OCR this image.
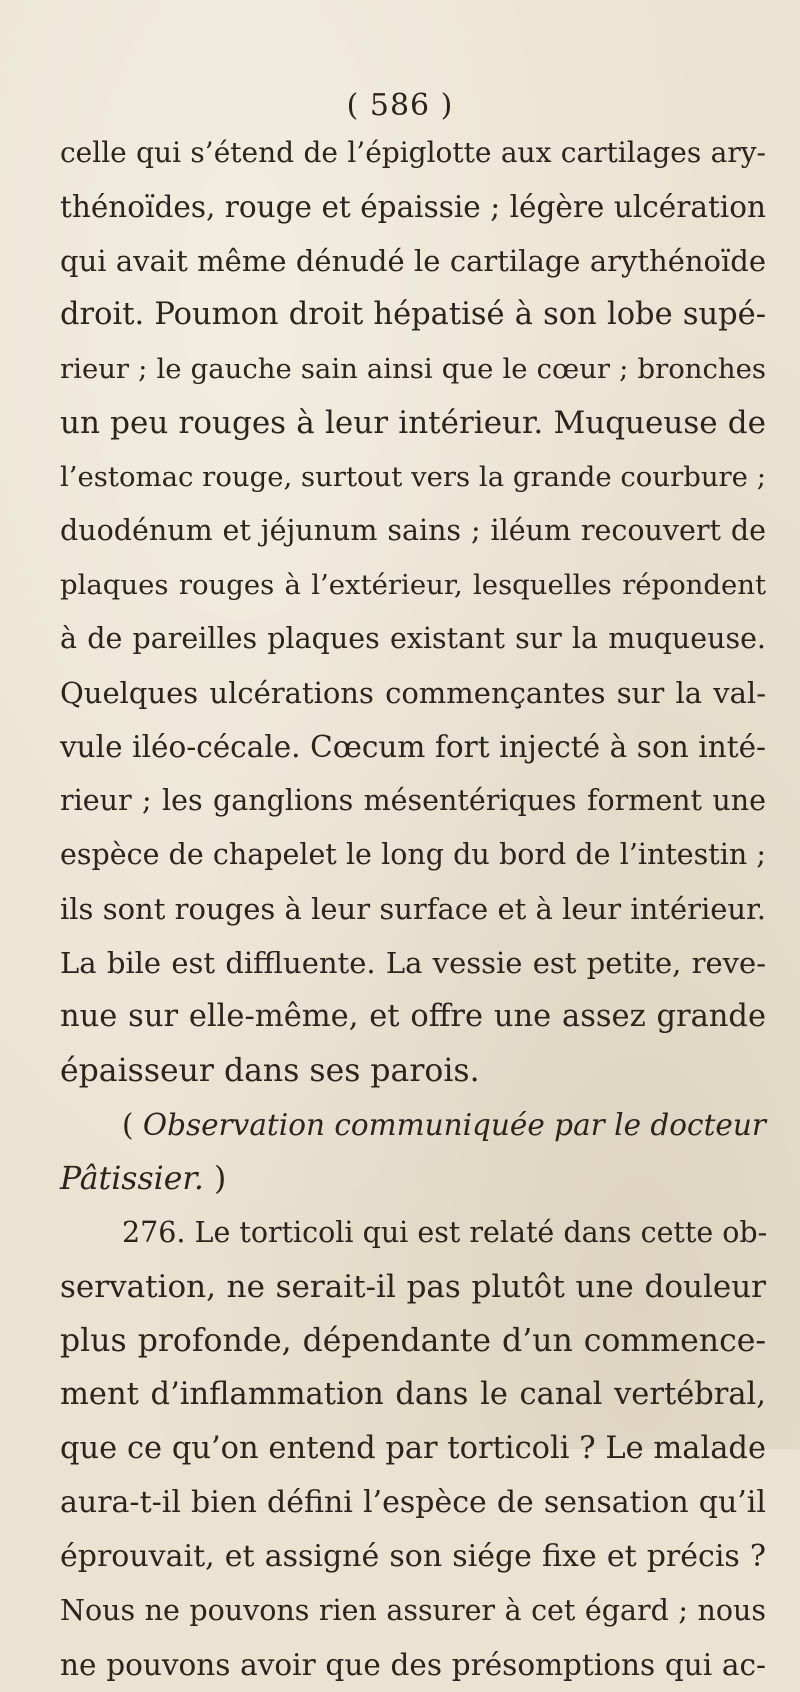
( 586 )
celle qui s’étend de l’épiglotte aux cartilages ary-
thénoïdes, rouge et épaissie ; légère ulcération
qui avait même dénudé le cartilage arythénoïde
droit. Poumon droit hépatisé à son lobe supé-
rieur ; le gauche sain ainsi que le cœur ; bronches
un peu rouges à leur intérieur. Muqueuse de
l’estomac rouge, surtout vers la grande courbure ;
duodénum et jéjunum sains ; iléum recouvert de
plaques rouges à l’extérieur, lesquelles répondent
à de pareilles plaques existant sur la muqueuse.
Quelques ulcérations commençantes sur la val-
vule iléo-cécale. Cœcum fort injecté à son inté-
rieur ; les ganglions mésentériques forment une
espèce de chapelet le long du bord de l’intestin ;
ils sont rouges à leur surface et à leur intérieur.
La bile est diffluente. La vessie est petite, reve-
nue sur elle-même, et offre une assez grande
épaisseur dans ses parois.
( Observation communiquée par le docteur
Pâtissier. )
276. Le torticoli qui est relaté dans cette ob-
servation, ne serait-il pas plutôt une douleur
plus profonde, dépendante d’un commence-
ment d’inflammation dans le canal vertébral,
que ce qu’on entend par torticoli ? Le malade
aura-t-il bien défini l’espèce de sensation qu’il
éprouvait, et assigné son siége fixe et précis ?
Nous ne pouvons rien assurer à cet égard ; nous
ne pouvons avoir que des présomptions qui ac-
